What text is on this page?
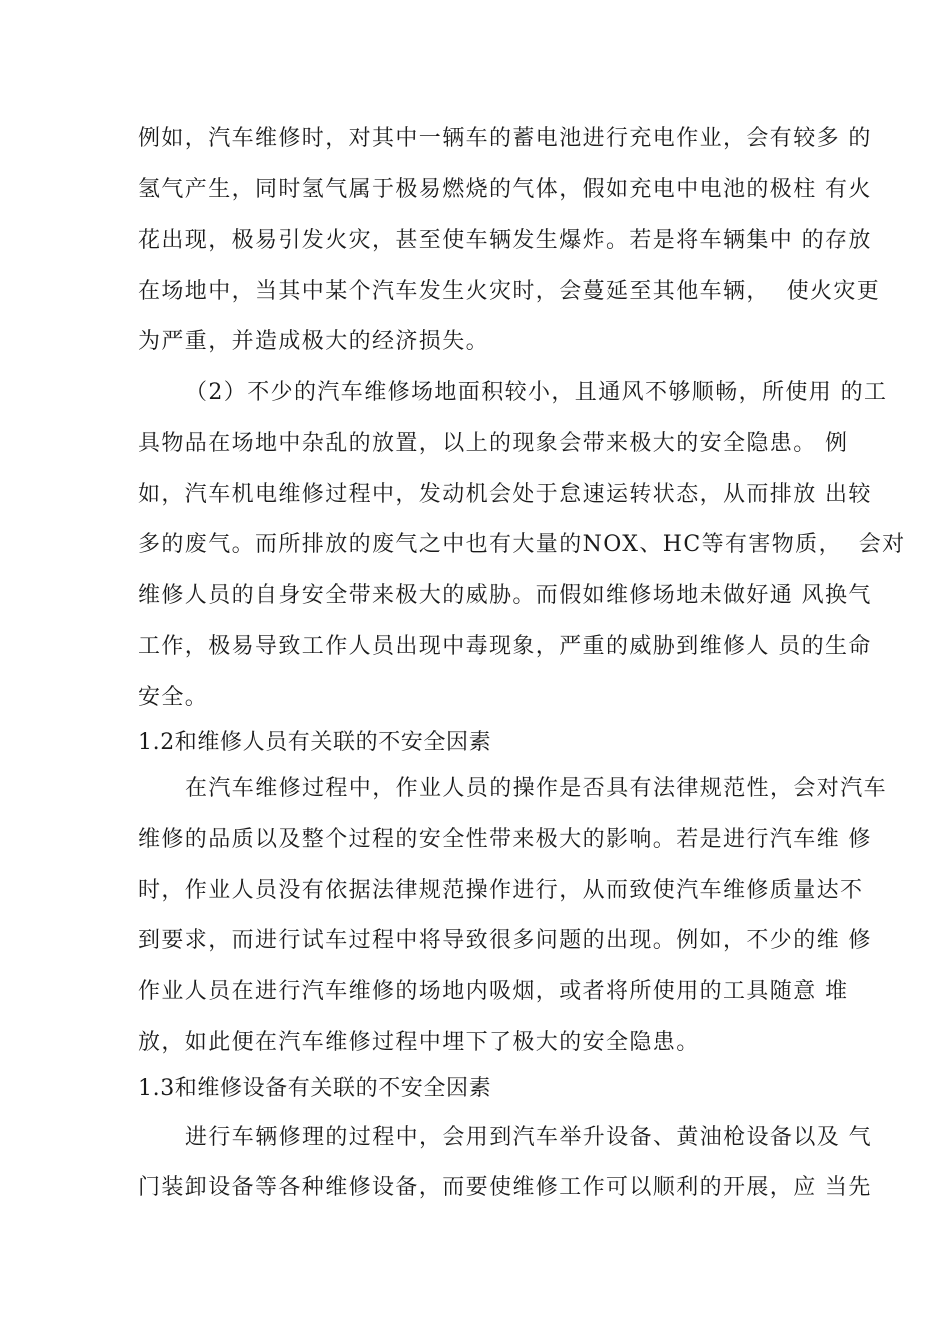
例如，汽车维修时，对其中一辆车的蓄电池进行充电作业，会有较多 的
氢气产生，同时氢气属于极易燃烧的气体，假如充电中电池的极柱 有火
花出现，极易引发火灾，甚至使车辆发生爆炸。若是将车辆集中 的存放
在场地中，当其中某个汽车发生火灾时，会蔓延至其他车辆，  使火灾更
为严重，并造成极大的经济损失。
（2）不少的汽车维修场地面积较小，且通风不够顺畅，所使用 的工
具物品在场地中杂乱的放置，以上的现象会带来极大的安全隐患。 例
如，汽车机电维修过程中，发动机会处于怠速运转状态，从而排放 出较
多的废气。而所排放的废气之中也有大量的NOX、HC等有害物质，  会对
维修人员的自身安全带来极大的威胁。而假如维修场地未做好通 风换气
工作，极易导致工作人员出现中毒现象，严重的威胁到维修人 员的生命
安全。
1.2和维修人员有关联的不安全因素
在汽车维修过程中，作业人员的操作是否具有法律规范性，会对汽车
维修的品质以及整个过程的安全性带来极大的影响。若是进行汽车维 修
时，作业人员没有依据法律规范操作进行，从而致使汽车维修质量达不
到要求，而进行试车过程中将导致很多问题的出现。例如，不少的维 修
作业人员在进行汽车维修的场地内吸烟，或者将所使用的工具随意 堆
放，如此便在汽车维修过程中埋下了极大的安全隐患。
1.3和维修设备有关联的不安全因素
进行车辆修理的过程中，会用到汽车举升设备、黄油枪设备以及 气
门装卸设备等各种维修设备，而要使维修工作可以顺利的开展，应 当先
